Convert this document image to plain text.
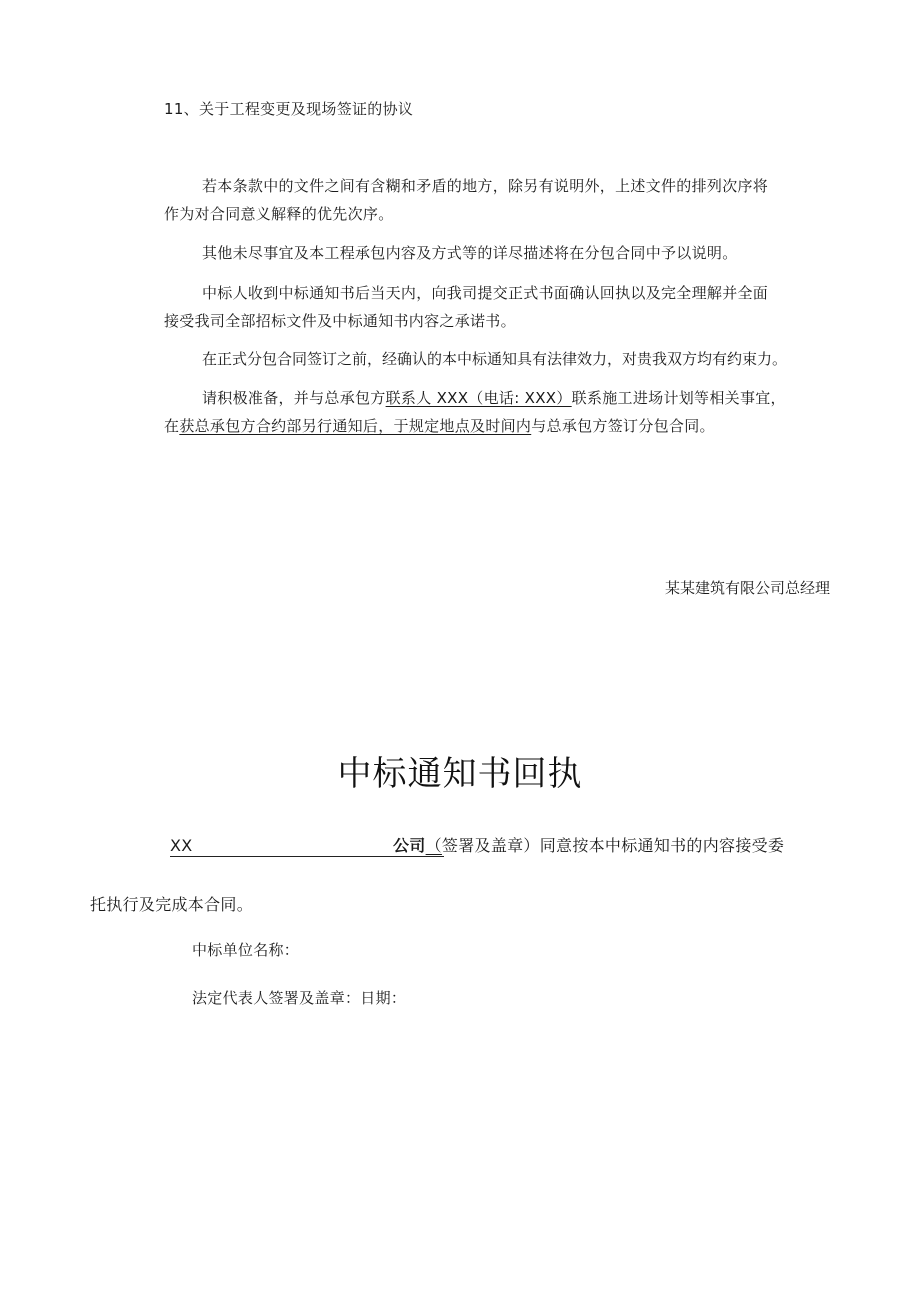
11、关于工程变更及现场签证的协议
若本条款中的文件之间有含糊和矛盾的地方，除另有说明外，上述文件的排列次序将
作为对合同意义解释的优先次序。
其他未尽事宜及本工程承包内容及方式等的详尽描述将在分包合同中予以说明。
中标人收到中标通知书后当天内，向我司提交正式书面确认回执以及完全理解并全面
接受我司全部招标文件及中标通知书内容之承诺书。
在正式分包合同签订之前，经确认的本中标通知具有法律效力，对贵我双方均有约束力。
请积极准备，并与总承包方联系人 XXX（电话: XXX）联系施工进场计划等相关事宜，
在获总承包方合约部另行通知后，于规定地点及时间内与总承包方签订分包合同。
某某建筑有限公司总经理
中标通知书回执
XX	公司（签署及盖章）同意按本中标通知书的内容接受委
托执行及完成本合同。
中标单位名称：
法定代表人签署及盖章：日期：
